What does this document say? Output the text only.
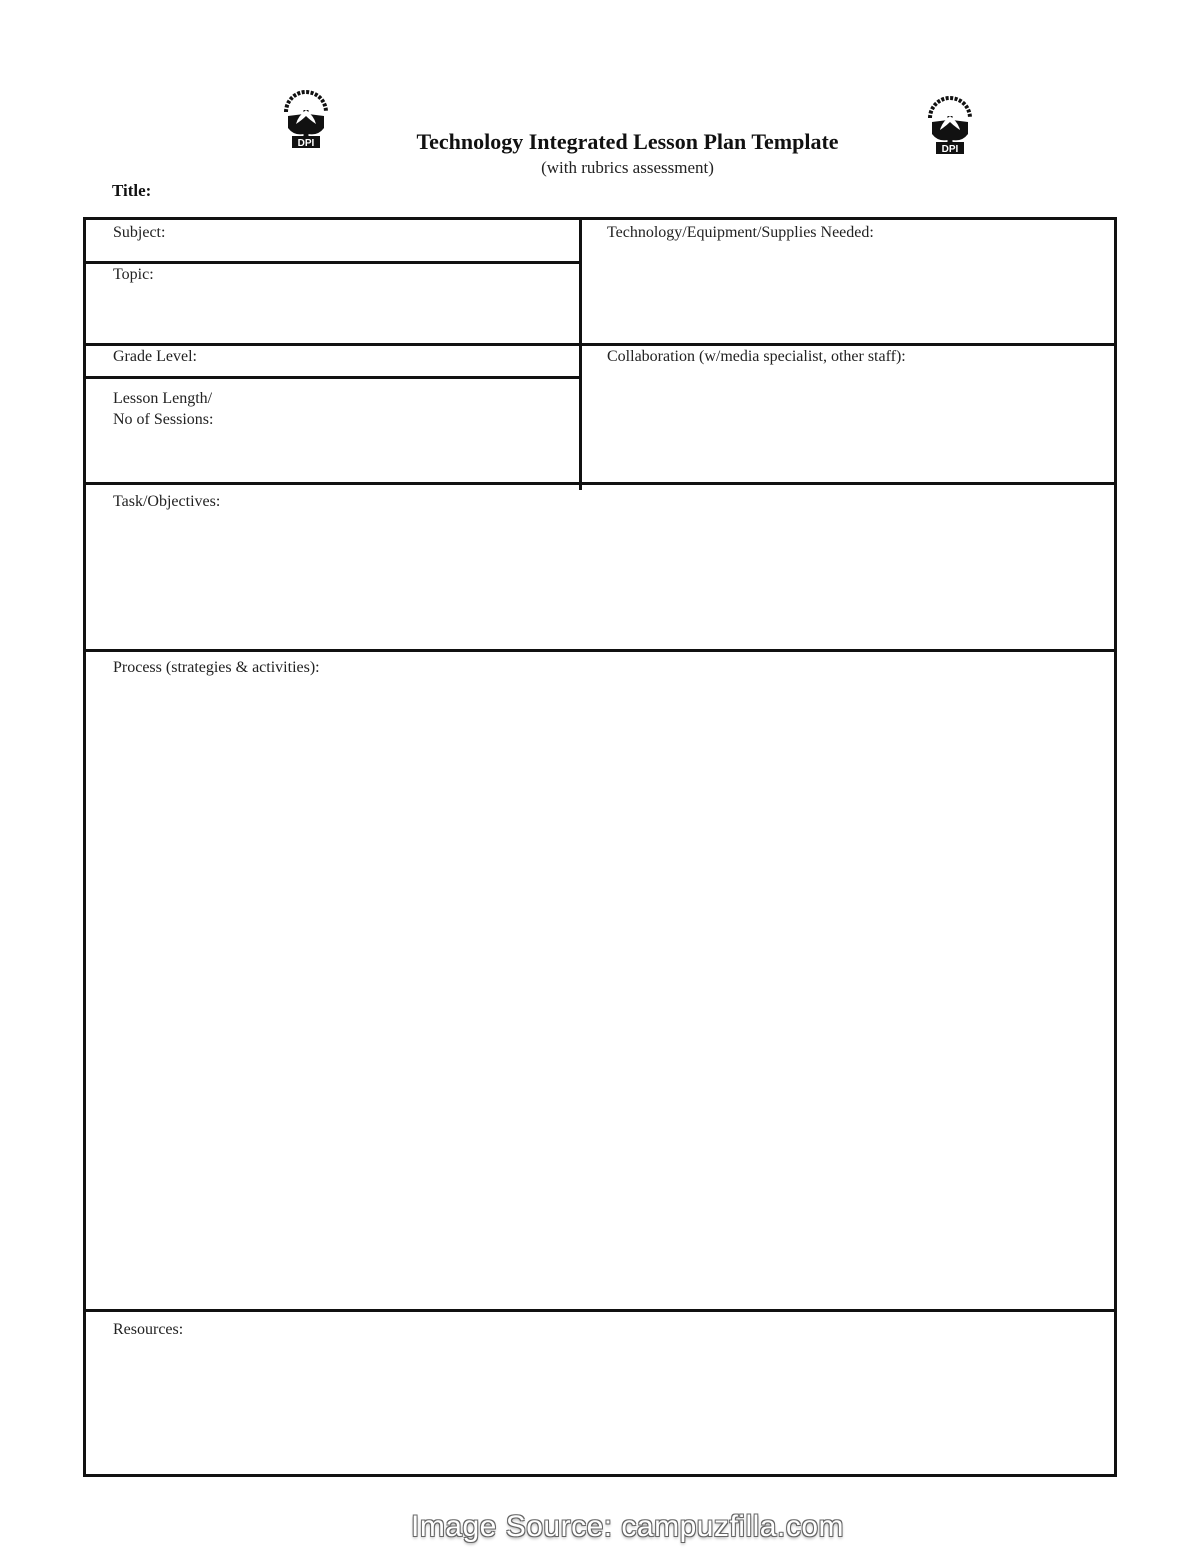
DPI
DPI
Technology Integrated Lesson Plan Template
(with rubrics assessment)
Title:
Subject:
Topic:
Technology/Equipment/Supplies Needed:
Grade Level:	Collaboration (w/media specialist, other staff):
Lesson Length/
No of Sessions:
Task/Objectives:
Process (strategies & activities):
Resources:
Image Source: campuzfilla.com
